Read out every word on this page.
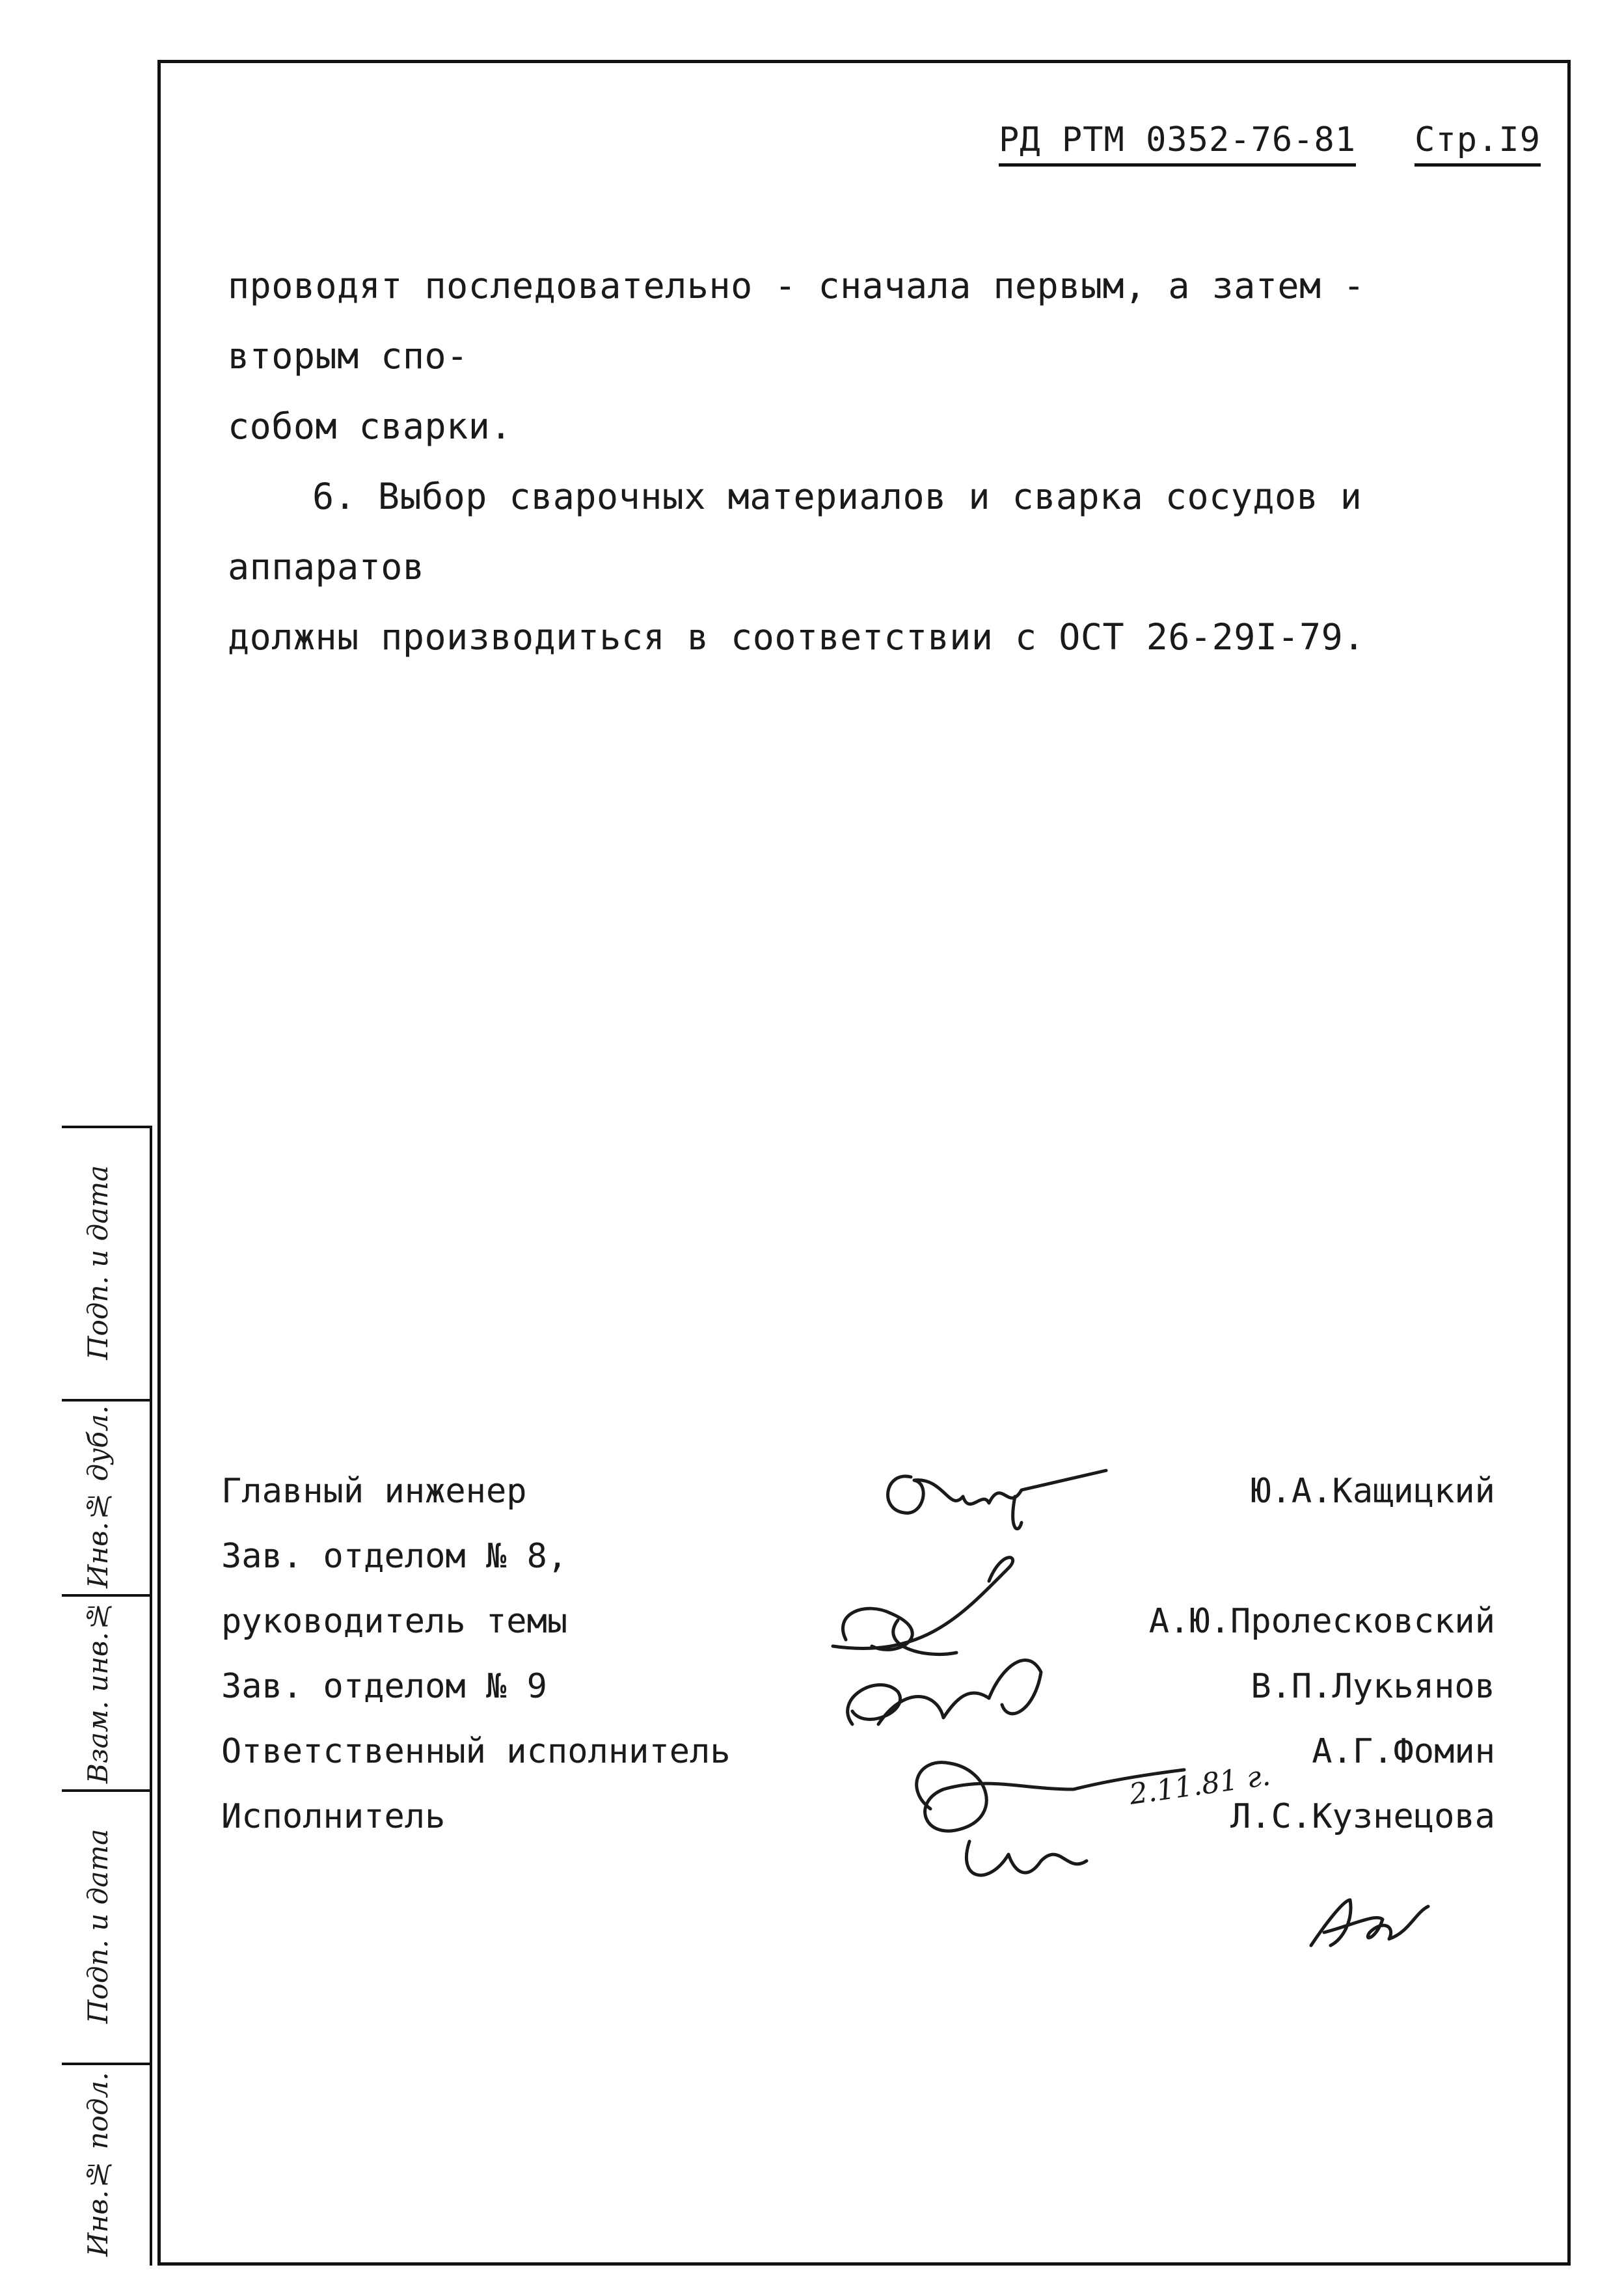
РД РТМ 0352-76-81 Стр.I9

проводят последовательно - сначала первым, а затем - вторым спо-

собом сварки.

6. Выбор сварочных материалов и сварка сосудов и аппаратов

должны производиться в соответствии с ОСТ 26-29I-79.

Подп. и дата
Инв.№ дубл.
Взам. инв.№
Подп. и дата
Инв.№ подл.
Главный инженер
Зав. отделом № 8,
руководитель темы
Зав. отделом № 9
Ответственный исполнитель
Исполнитель
Ю.А.Кащицкий
А.Ю.Пролесковский
В.П.Лукьянов
А.Г.Фомин
Л.С.Кузнецова
2.11.81 г.
